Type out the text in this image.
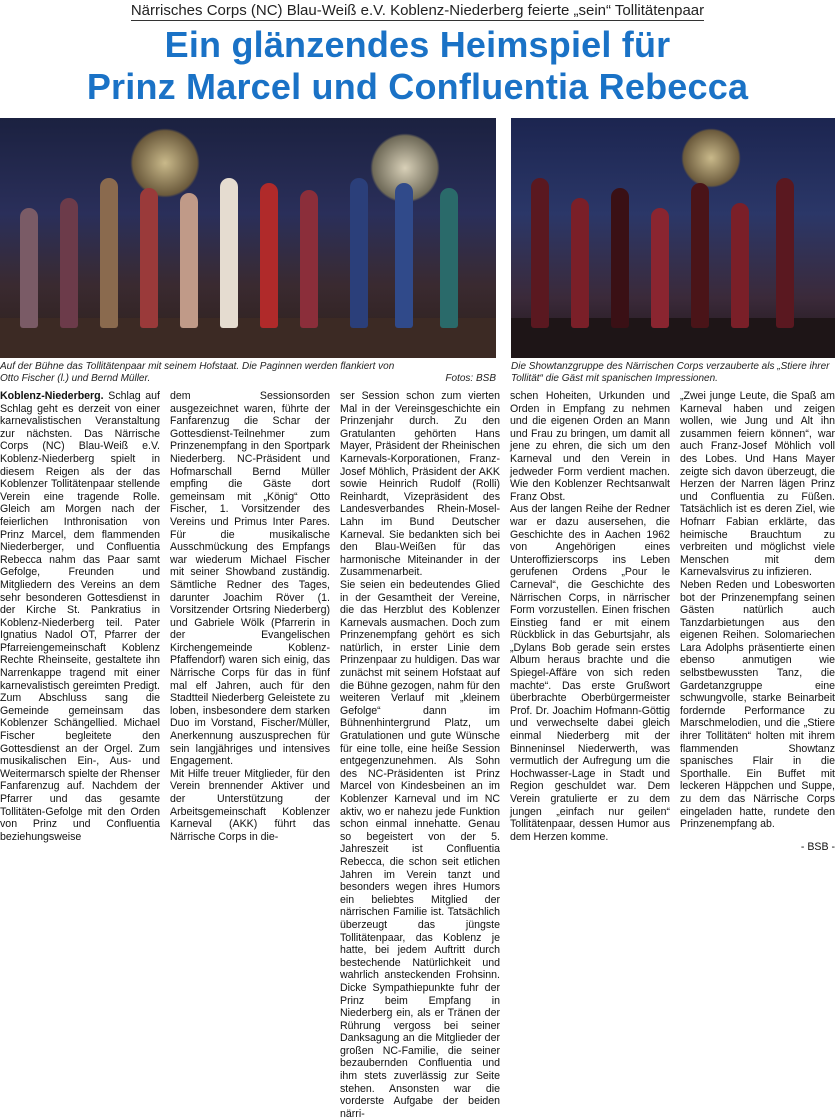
Närrisches Corps (NC) Blau-Weiß e.V. Koblenz-Niederberg feierte „sein“ Tollitätenpaar
Ein glänzendes Heimspiel für
Prinz Marcel und Confluentia Rebecca
Auf der Bühne das Tollitätenpaar mit seinem Hofstaat. Die Paginnen werden flankiert von Otto Fischer (l.) und Bernd Müller.	Fotos: BSB
Die Showtanzgruppe des Närrischen Corps verzauberte als „Stiere ihrer Tollität“ die Gäst mit spanischen Impressionen.

Koblenz-Niederberg. Schlag auf Schlag geht es derzeit von einer karnevalistischen Veranstaltung zur nächsten. Das Närrische Corps (NC) Blau-Weiß e.V. Koblenz-Niederberg spielt in diesem Reigen als der das Koblenzer Tollitätenpaar stellende Verein eine tragende Rolle. Gleich am Morgen nach der feierlichen Inthronisation von Prinz Marcel, dem flammenden Niederberger, und Confluentia Rebecca nahm das Paar samt Gefolge, Freunden und Mitgliedern des Vereins an dem sehr besonderen Gottesdienst in der Kirche St. Pankratius in Koblenz-Niederberg teil. Pater Ignatius Nadol OT, Pfarrer der Pfarreiengemeinschaft Koblenz Rechte Rheinseite, gestaltete ihn Narrenkappe tragend mit einer karnevalistisch gereimten Predigt. Zum Abschluss sang die Gemeinde gemeinsam das Koblenzer Schängellied. Michael Fischer begleitete den Gottesdienst an der Orgel. Zum musikalischen Ein-, Aus- und Weitermarsch spielte der Rhenser Fanfarenzug auf. Nachdem der Pfarrer und das gesamte Tollitäten-Gefolge mit den Orden von Prinz und Confluentia beziehungsweise

dem Sessionsorden ausgezeichnet waren, führte der Fanfarenzug die Schar der Gottesdienst-Teilnehmer zum Prinzenempfang in den Sportpark Niederberg. NC-Präsident und Hofmarschall Bernd Müller empfing die Gäste dort gemeinsam mit „König“ Otto Fischer, 1. Vorsitzender des Vereins und Primus Inter Pares. Für die musikalische Ausschmückung des Empfangs war wiederum Michael Fischer mit seiner Showband zuständig. Sämtliche Redner des Tages, darunter Joachim Röver (1. Vorsitzender Ortsring Niederberg) und Gabriele Wölk (Pfarrerin in der Evangelischen Kirchengemeinde Koblenz-Pfaffendorf) waren sich einig, das Närrische Corps für das in fünf mal elf Jahren, auch für den Stadtteil Niederberg Geleistete zu loben, insbesondere dem starken Duo im Vorstand, Fischer/Müller, Anerkennung auszusprechen für sein langjähriges und intensives Engagement.

Mit Hilfe treuer Mitglieder, für den Verein brennender Aktiver und der Unterstützung der Arbeitsgemeinschaft Koblenzer Karneval (AKK) führt das Närrische Corps in die-

ser Session schon zum vierten Mal in der Vereinsgeschichte ein Prinzenjahr durch. Zu den Gratulanten gehörten Hans Mayer, Präsident der Rheinischen Karnevals-Korporationen, Franz-Josef Möhlich, Präsident der AKK sowie Heinrich Rudolf (Rolli) Reinhardt, Vizepräsident des Landesverbandes Rhein-Mosel-Lahn im Bund Deutscher Karneval. Sie bedankten sich bei den Blau-Weißen für das harmonische Miteinander in der Zusammenarbeit.

Sie seien ein bedeutendes Glied in der Gesamtheit der Vereine, die das Herzblut des Koblenzer Karnevals ausmachen. Doch zum Prinzenempfang gehört es sich natürlich, in erster Linie dem Prinzenpaar zu huldigen. Das war zunächst mit seinem Hofstaat auf die Bühne gezogen, nahm für den weiteren Verlauf mit „kleinem Gefolge“ dann im Bühnenhintergrund Platz, um Gratulationen und gute Wünsche für eine tolle, eine heiße Session entgegenzunehmen. Als Sohn des NC-Präsidenten ist Prinz Marcel von Kindesbeinen an im Koblenzer Karneval und im NC aktiv, wo er nahezu jede Funktion schon einmal innehatte. Genau so begeistert von der 5. Jahreszeit ist Confluentia Rebecca, die schon seit etlichen Jahren im Verein tanzt und besonders wegen ihres Humors ein beliebtes Mitglied der närrischen Familie ist. Tatsächlich überzeugt das jüngste Tollitätenpaar, das Koblenz je hatte, bei jedem Auftritt durch bestechende Natürlichkeit und wahrlich ansteckenden Frohsinn. Dicke Sympathiepunkte fuhr der Prinz beim Empfang in Niederberg ein, als er Tränen der Rührung vergoss bei seiner Danksagung an die Mitglieder der großen NC-Familie, die seiner bezaubernden Confluentia und ihm stets zuverlässig zur Seite stehen. Ansonsten war die vorderste Aufgabe der beiden närri-

schen Hoheiten, Urkunden und Orden in Empfang zu nehmen und die eigenen Orden an Mann und Frau zu bringen, um damit all jene zu ehren, die sich um den Karneval und den Verein in jedweder Form verdient machen. Wie den Koblenzer Rechtsanwalt Franz Obst.

Aus der langen Reihe der Redner war er dazu ausersehen, die Geschichte des in Aachen 1962 von Angehörigen eines Unteroffizierscorps ins Leben gerufenen Ordens „Pour le Carneval“, die Geschichte des Närrischen Corps, in närrischer Form vorzustellen. Einen frischen Einstieg fand er mit einem Rückblick in das Geburtsjahr, als „Dylans Bob gerade sein erstes Album heraus brachte und die Spiegel-Affäre von sich reden machte“. Das erste Grußwort überbrachte Oberbürgermeister Prof. Dr. Joachim Hofmann-Göttig und verwechselte dabei gleich einmal Niederberg mit der Binneninsel Niederwerth, was vermutlich der Aufregung um die Hochwasser-Lage in Stadt und Region geschuldet war. Dem Verein gratulierte er zu dem jungen „einfach nur geilen“ Tollitätenpaar, dessen Humor aus dem Herzen komme.

„Zwei junge Leute, die Spaß am Karneval haben und zeigen wollen, wie Jung und Alt ihn zusammen feiern können“, war auch Franz-Josef Möhlich voll des Lobes. Und Hans Mayer zeigte sich davon überzeugt, die Herzen der Narren lägen Prinz und Confluentia zu Füßen. Tatsächlich ist es deren Ziel, wie Hofnarr Fabian erklärte, das heimische Brauchtum zu verbreiten und möglichst viele Menschen mit dem Karnevalsvirus zu infizieren.

Neben Reden und Lobesworten bot der Prinzenempfang seinen Gästen natürlich auch Tanzdarbietungen aus den eigenen Reihen. Solomariechen Lara Adolphs präsentierte einen ebenso anmutigen wie selbstbewussten Tanz, die Gardetanzgruppe eine schwungvolle, starke Beinarbeit fordernde Performance zu Marschmelodien, und die „Stiere ihrer Tollitäten“ holten mit ihrem flammenden Showtanz spanisches Flair in die Sporthalle. Ein Buffet mit leckeren Häppchen und Suppe, zu dem das Närrische Corps eingeladen hatte, rundete den Prinzenempfang ab.

- BSB -
